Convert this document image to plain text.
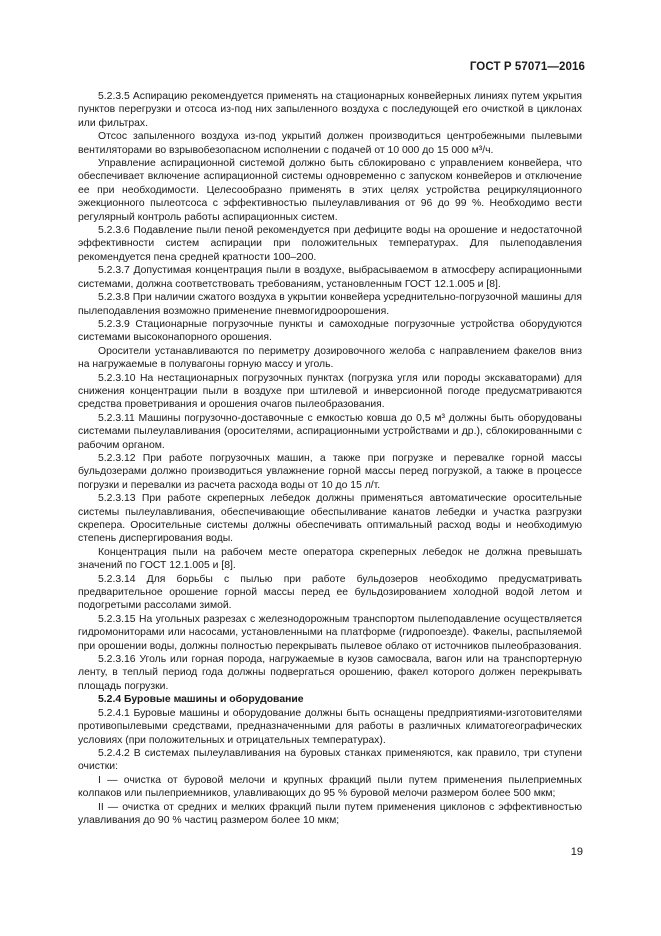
ГОСТ Р 57071—2016

5.2.3.5 Аспирацию рекомендуется применять на стационарных конвейерных линиях путем укрытия пунктов перегрузки и отсоса из-под них запыленного воздуха с последующей его очисткой в циклонах или фильтрах.

Отсос запыленного воздуха из-под укрытий должен производиться центробежными пылевыми вентиляторами во взрывобезопасном исполнении с подачей от 10 000 до 15 000 м³/ч.

Управление аспирационной системой должно быть сблокировано с управлением конвейера, что обеспечивает включение аспирационной системы одновременно с запуском конвейеров и отключение ее при необходимости. Целесообразно применять в этих целях устройства рециркуляционного эжекционного пылеотсоса с эффективностью пылеулавливания от 96 до 99 %. Необходимо вести регулярный контроль работы аспирационных систем.

5.2.3.6 Подавление пыли пеной рекомендуется при дефиците воды на орошение и недостаточной эффективности систем аспирации при положительных температурах. Для пылеподавления рекомендуется пена средней кратности 100–200.

5.2.3.7 Допустимая концентрация пыли в воздухе, выбрасываемом в атмосферу аспирационными системами, должна соответствовать требованиям, установленным ГОСТ 12.1.005 и [8].

5.2.3.8 При наличии сжатого воздуха в укрытии конвейера усреднительно-погрузочной машины для пылеподавления возможно применение пневмогидроорошения.

5.2.3.9 Стационарные погрузочные пункты и самоходные погрузочные устройства оборудуются системами высоконапорного орошения.

Оросители устанавливаются по периметру дозировочного желоба с направлением факелов вниз на нагружаемые в полувагоны горную массу и уголь.

5.2.3.10 На нестационарных погрузочных пунктах (погрузка угля или породы экскаваторами) для снижения концентрации пыли в воздухе при штилевой и инверсионной погоде предусматриваются средства проветривания и орошения очагов пылеобразования.

5.2.3.11 Машины погрузочно-доставочные с емкостью ковша до 0,5 м³ должны быть оборудованы системами пылеулавливания (оросителями, аспирационными устройствами и др.), сблокированными с рабочим органом.

5.2.3.12 При работе погрузочных машин, а также при погрузке и перевалке горной массы бульдозерами должно производиться увлажнение горной массы перед погрузкой, а также в процессе погрузки и перевалки из расчета расхода воды от 10 до 15 л/т.

5.2.3.13 При работе скреперных лебедок должны применяться автоматические оросительные системы пылеулавливания, обеспечивающие обеспыливание канатов лебедки и участка разгрузки скрепера. Оросительные системы должны обеспечивать оптимальный расход воды и необходимую степень диспергирования воды.

Концентрация пыли на рабочем месте оператора скреперных лебедок не должна превышать значений по ГОСТ 12.1.005 и [8].

5.2.3.14 Для борьбы с пылью при работе бульдозеров необходимо предусматривать предварительное орошение горной массы перед ее бульдозированием холодной водой летом и подогретыми рассолами зимой.

5.2.3.15 На угольных разрезах с железнодорожным транспортом пылеподавление осуществляется гидромониторами или насосами, установленными на платформе (гидропоезде). Факелы, распыляемой при орошении воды, должны полностью перекрывать пылевое облако от источников пылеобразования.

5.2.3.16 Уголь или горная порода, нагружаемые в кузов самосвала, вагон или на транспортерную ленту, в теплый период года должны подвергаться орошению, факел которого должен перекрывать площадь погрузки.

5.2.4 Буровые машины и оборудование

5.2.4.1 Буровые машины и оборудование должны быть оснащены предприятиями-изготовителями противопылевыми средствами, предназначенными для работы в различных климатогеографических условиях (при положительных и отрицательных температурах).

5.2.4.2 В системах пылеулавливания на буровых станках применяются, как правило, три ступени очистки:

I — очистка от буровой мелочи и крупных фракций пыли путем применения пылеприемных колпаков или пылеприемников, улавливающих до 95 % буровой мелочи размером более 500 мкм;

II — очистка от средних и мелких фракций пыли путем применения циклонов с эффективностью улавливания до 90 % частиц размером более 10 мкм;

19
